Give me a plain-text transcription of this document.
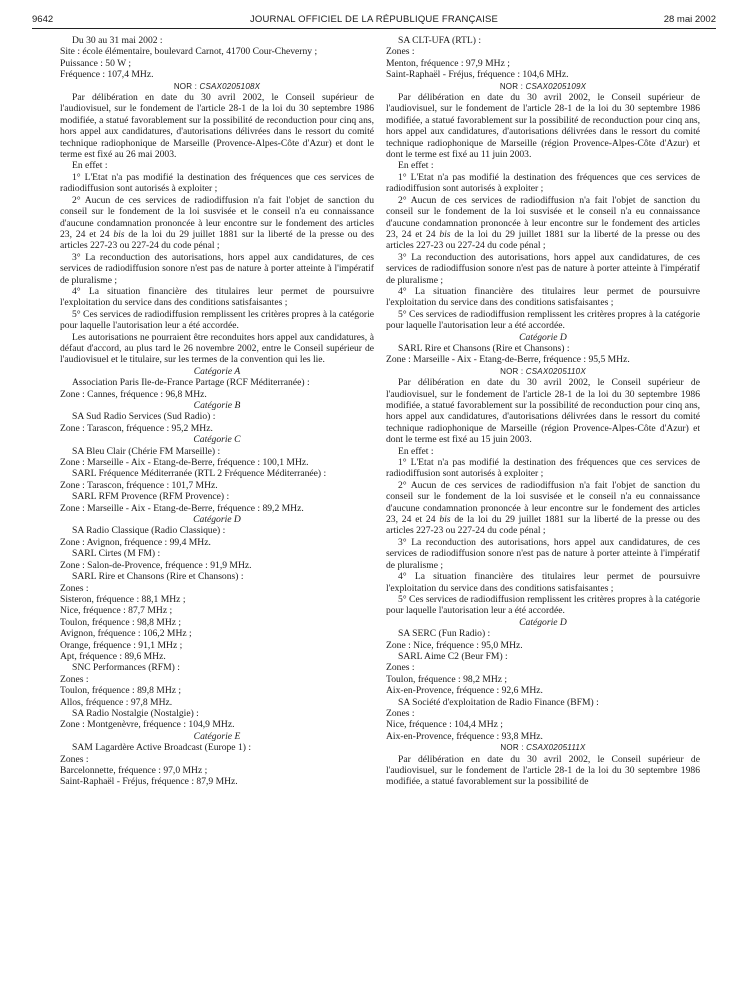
9642	JOURNAL OFFICIEL DE LA RÉPUBLIQUE FRANÇAISE	28 mai 2002

Du 30 au 31 mai 2002 :

Site : école élémentaire, boulevard Carnot, 41700 Cour-Cheverny ;

Puissance : 50 W ;

Fréquence : 107,4 MHz.

NOR : CSAX0205108X

Par délibération en date du 30 avril 2002, le Conseil supérieur de l'audiovisuel, sur le fondement de l'article 28-1 de la loi du 30 septembre 1986 modifiée, a statué favorablement sur la possibilité de reconduction pour cinq ans, hors appel aux candidatures, d'autorisations délivrées dans le ressort du comité technique radiophonique de Marseille (Provence-Alpes-Côte d'Azur) et dont le terme est fixé au 26 mai 2003.

En effet :

1° L'Etat n'a pas modifié la destination des fréquences que ces services de radiodiffusion sont autorisés à exploiter ;

2° Aucun de ces services de radiodiffusion n'a fait l'objet de sanction du conseil sur le fondement de la loi susvisée et le conseil n'a eu connaissance d'aucune condamnation prononcée à leur encontre sur le fondement des articles 23, 24 et 24 bis de la loi du 29 juillet 1881 sur la liberté de la presse ou des articles 227-23 ou 227-24 du code pénal ;

3° La reconduction des autorisations, hors appel aux candidatures, de ces services de radiodiffusion sonore n'est pas de nature à porter atteinte à l'impératif de pluralisme ;

4° La situation financière des titulaires leur permet de poursuivre l'exploitation du service dans des conditions satisfaisantes ;

5° Ces services de radiodiffusion remplissent les critères propres à la catégorie pour laquelle l'autorisation leur a été accordée.

Les autorisations ne pourraient être reconduites hors appel aux candidatures, à défaut d'accord, au plus tard le 26 novembre 2002, entre le Conseil supérieur de l'audiovisuel et le titulaire, sur les termes de la convention qui les lie.

Catégorie A

Association Paris Ile-de-France Partage (RCF Méditerranée) :

Zone : Cannes, fréquence : 96,8 MHz.

Catégorie B

SA Sud Radio Services (Sud Radio) :

Zone : Tarascon, fréquence : 95,2 MHz.

Catégorie C

SA Bleu Clair (Chérie FM Marseille) :

Zone : Marseille - Aix - Etang-de-Berre, fréquence : 100,1 MHz.

SARL Fréquence Méditerranée (RTL 2 Fréquence Méditerranée) :

Zone : Tarascon, fréquence : 101,7 MHz.

SARL RFM Provence (RFM Provence) :

Zone : Marseille - Aix - Etang-de-Berre, fréquence : 89,2 MHz.

Catégorie D

SA Radio Classique (Radio Classique) :

Zone : Avignon, fréquence : 99,4 MHz.

SARL Cirtes (M FM) :

Zone : Salon-de-Provence, fréquence : 91,9 MHz.

SARL Rire et Chansons (Rire et Chansons) :

Zones :

Sisteron, fréquence : 88,1 MHz ;

Nice, fréquence : 87,7 MHz ;

Toulon, fréquence : 98,8 MHz ;

Avignon, fréquence : 106,2 MHz ;

Orange, fréquence : 91,1 MHz ;

Apt, fréquence : 89,6 MHz.

SNC Performances (RFM) :

Zones :

Toulon, fréquence : 89,8 MHz ;

Allos, fréquence : 97,8 MHz.

SA Radio Nostalgie (Nostalgie) :

Zone : Montgenèvre, fréquence : 104,9 MHz.

Catégorie E

SAM Lagardère Active Broadcast (Europe 1) :

Zones :

Barcelonnette, fréquence : 97,0 MHz ;

Saint-Raphaël - Fréjus, fréquence : 87,9 MHz.

SA CLT-UFA (RTL) :

Zones :

Menton, fréquence : 97,9 MHz ;

Saint-Raphaël - Fréjus, fréquence : 104,6 MHz.

NOR : CSAX0205109X

Par délibération en date du 30 avril 2002, le Conseil supérieur de l'audiovisuel, sur le fondement de l'article 28-1 de la loi du 30 septembre 1986 modifiée, a statué favorablement sur la possibilité de reconduction pour cinq ans, hors appel aux candidatures, d'autorisations délivrées dans le ressort du comité technique radiophonique de Marseille (région Provence-Alpes-Côte d'Azur) et dont le terme est fixé au 11 juin 2003.

En effet :

1° L'Etat n'a pas modifié la destination des fréquences que ces services de radiodiffusion sont autorisés à exploiter ;

2° Aucun de ces services de radiodiffusion n'a fait l'objet de sanction du conseil sur le fondement de la loi susvisée et le conseil n'a eu connaissance d'aucune condamnation prononcée à leur encontre sur le fondement des articles 23, 24 et 24 bis de la loi du 29 juillet 1881 sur la liberté de la presse ou des articles 227-23 ou 227-24 du code pénal ;

3° La reconduction des autorisations, hors appel aux candidatures, de ces services de radiodiffusion sonore n'est pas de nature à porter atteinte à l'impératif de pluralisme ;

4° La situation financière des titulaires leur permet de poursuivre l'exploitation du service dans des conditions satisfaisantes ;

5° Ces services de radiodiffusion remplissent les critères propres à la catégorie pour laquelle l'autorisation leur a été accordée.

Catégorie D

SARL Rire et Chansons (Rire et Chansons) :

Zone : Marseille - Aix - Etang-de-Berre, fréquence : 95,5 MHz.

NOR : CSAX0205110X

Par délibération en date du 30 avril 2002, le Conseil supérieur de l'audiovisuel, sur le fondement de l'article 28-1 de la loi du 30 septembre 1986 modifiée, a statué favorablement sur la possibilité de reconduction pour cinq ans, hors appel aux candidatures, d'autorisations délivrées dans le ressort du comité technique radiophonique de Marseille (région Provence-Alpes-Côte d'Azur) et dont le terme est fixé au 15 juin 2003.

En effet :

1° L'Etat n'a pas modifié la destination des fréquences que ces services de radiodiffusion sont autorisés à exploiter ;

2° Aucun de ces services de radiodiffusion n'a fait l'objet de sanction du conseil sur le fondement de la loi susvisée et le conseil n'a eu connaissance d'aucune condamnation prononcée à leur encontre sur le fondement des articles 23, 24 et 24 bis de la loi du 29 juillet 1881 sur la liberté de la presse ou des articles 227-23 ou 227-24 du code pénal ;

3° La reconduction des autorisations, hors appel aux candidatures, de ces services de radiodiffusion sonore n'est pas de nature à porter atteinte à l'impératif de pluralisme ;

4° La situation financière des titulaires leur permet de poursuivre l'exploitation du service dans des conditions satisfaisantes ;

5° Ces services de radiodiffusion remplissent les critères propres à la catégorie pour laquelle l'autorisation leur a été accordée.

Catégorie D

SA SERC (Fun Radio) :

Zone : Nice, fréquence : 95,0 MHz.

SARL Aime C2 (Beur FM) :

Zones :

Toulon, fréquence : 98,2 MHz ;

Aix-en-Provence, fréquence : 92,6 MHz.

SA Société d'exploitation de Radio Finance (BFM) :

Zones :

Nice, fréquence : 104,4 MHz ;

Aix-en-Provence, fréquence : 93,8 MHz.

NOR : CSAX0205111X

Par délibération en date du 30 avril 2002, le Conseil supérieur de l'audiovisuel, sur le fondement de l'article 28-1 de la loi du 30 septembre 1986 modifiée, a statué favorablement sur la possibilité de
